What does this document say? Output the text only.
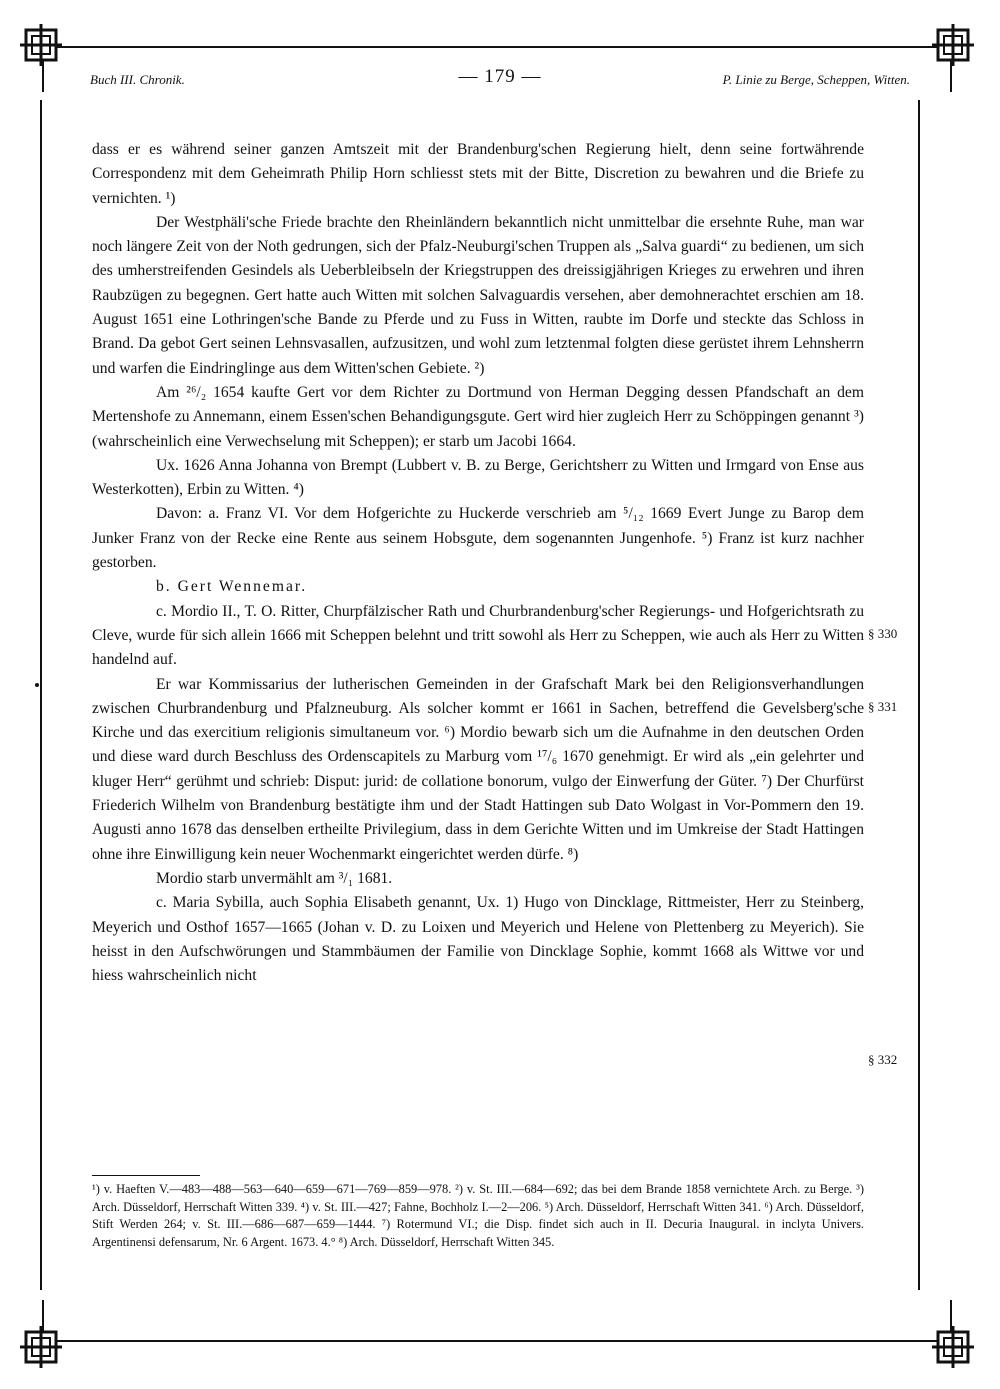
Buch III. Chronik.	— 179 —	P. Linie zu Berge, Scheppen, Witten.

dass er es während seiner ganzen Amtszeit mit der Brandenburg'schen Regierung hielt, denn seine fortwährende Correspondenz mit dem Geheimrath Philip Horn schliesst stets mit der Bitte, Discretion zu bewahren und die Briefe zu vernichten. ¹)

Der Westphäli'sche Friede brachte den Rheinländern bekanntlich nicht unmittelbar die ersehnte Ruhe, man war noch längere Zeit von der Noth gedrungen, sich der Pfalz-Neuburgi'schen Truppen als „Salva guardi“ zu bedienen, um sich des umherstreifenden Gesindels als Ueberbleibseln der Kriegstruppen des dreissigjährigen Krieges zu erwehren und ihren Raubzügen zu begegnen. Gert hatte auch Witten mit solchen Salvaguardis versehen, aber demohnerachtet erschien am 18. August 1651 eine Lothringen'sche Bande zu Pferde und zu Fuss in Witten, raubte im Dorfe und steckte das Schloss in Brand. Da gebot Gert seinen Lehnsvasallen, aufzusitzen, und wohl zum letztenmal folgten diese gerüstet ihrem Lehnsherrn und warfen die Eindringlinge aus dem Witten'schen Gebiete. ²)

Am ²⁶/₂ 1654 kaufte Gert vor dem Richter zu Dortmund von Herman Degging dessen Pfandschaft an dem Mertenshofe zu Annemann, einem Essen'schen Behandigungsgute. Gert wird hier zugleich Herr zu Schöppingen genannt ³) (wahrscheinlich eine Verwechselung mit Scheppen); er starb um Jacobi 1664.

Ux. 1626 Anna Johanna von Brempt (Lubbert v. B. zu Berge, Gerichtsherr zu Witten und Irmgard von Ense aus Westerkotten), Erbin zu Witten. ⁴)

Davon: a. Franz VI. Vor dem Hofgerichte zu Huckerde verschrieb am ⁵/₁₂ 1669 Evert Junge zu Barop dem Junker Franz von der Recke eine Rente aus seinem Hobsgute, dem sogenannten Jungenhofe. ⁵) Franz ist kurz nachher gestorben.

b. Gert Wennemar.

c. Mordio II., T. O. Ritter, Churpfälzischer Rath und Churbrandenburg'scher Regierungs- und Hofgerichtsrath zu Cleve, wurde für sich allein 1666 mit Scheppen belehnt und tritt sowohl als Herr zu Scheppen, wie auch als Herr zu Witten handelnd auf.

Er war Kommissarius der lutherischen Gemeinden in der Grafschaft Mark bei den Religionsverhandlungen zwischen Churbrandenburg und Pfalzneuburg. Als solcher kommt er 1661 in Sachen, betreffend die Gevelsberg'sche Kirche und das exercitium religionis simultaneum vor. ⁶) Mordio bewarb sich um die Aufnahme in den deutschen Orden und diese ward durch Beschluss des Ordenscapitels zu Marburg vom ¹⁷/₆ 1670 genehmigt. Er wird als „ein gelehrter und kluger Herr“ gerühmt und schrieb: Disput: jurid: de collatione bonorum, vulgo der Einwerfung der Güter. ⁷) Der Churfürst Friederich Wilhelm von Brandenburg bestätigte ihm und der Stadt Hattingen sub Dato Wolgast in Vor-Pommern den 19. Augusti anno 1678 das denselben ertheilte Privilegium, dass in dem Gerichte Witten und im Umkreise der Stadt Hattingen ohne ihre Einwilligung kein neuer Wochenmarkt eingerichtet werden dürfe. ⁸)

Mordio starb unvermählt am ³/₁ 1681.

c. Maria Sybilla, auch Sophia Elisabeth genannt, Ux. 1) Hugo von Dincklage, Rittmeister, Herr zu Steinberg, Meyerich und Osthof 1657—1665 (Johan v. D. zu Loixen und Meyerich und Helene von Plettenberg zu Meyerich). Sie heisst in den Aufschwörungen und Stammbäumen der Familie von Dincklage Sophie, kommt 1668 als Wittwe vor und hiess wahrscheinlich nicht

§ 330
§ 331
§ 332

¹) v. Haeften V.—483—488—563—640—659—671—769—859—978. ²) v. St. III.—684—692; das bei dem Brande 1858 vernichtete Arch. zu Berge. ³) Arch. Düsseldorf, Herrschaft Witten 339. ⁴) v. St. III.—427; Fahne, Bochholz I.—2—206. ⁵) Arch. Düsseldorf, Herrschaft Witten 341. ⁶) Arch. Düsseldorf, Stift Werden 264; v. St. III.—686—687—659—1444. ⁷) Rotermund VI.; die Disp. findet sich auch in II. Decuria Inaugural. in inclyta Univers. Argentinensi defensarum, Nr. 6 Argent. 1673. 4.° ⁸) Arch. Düsseldorf, Herrschaft Witten 345.
